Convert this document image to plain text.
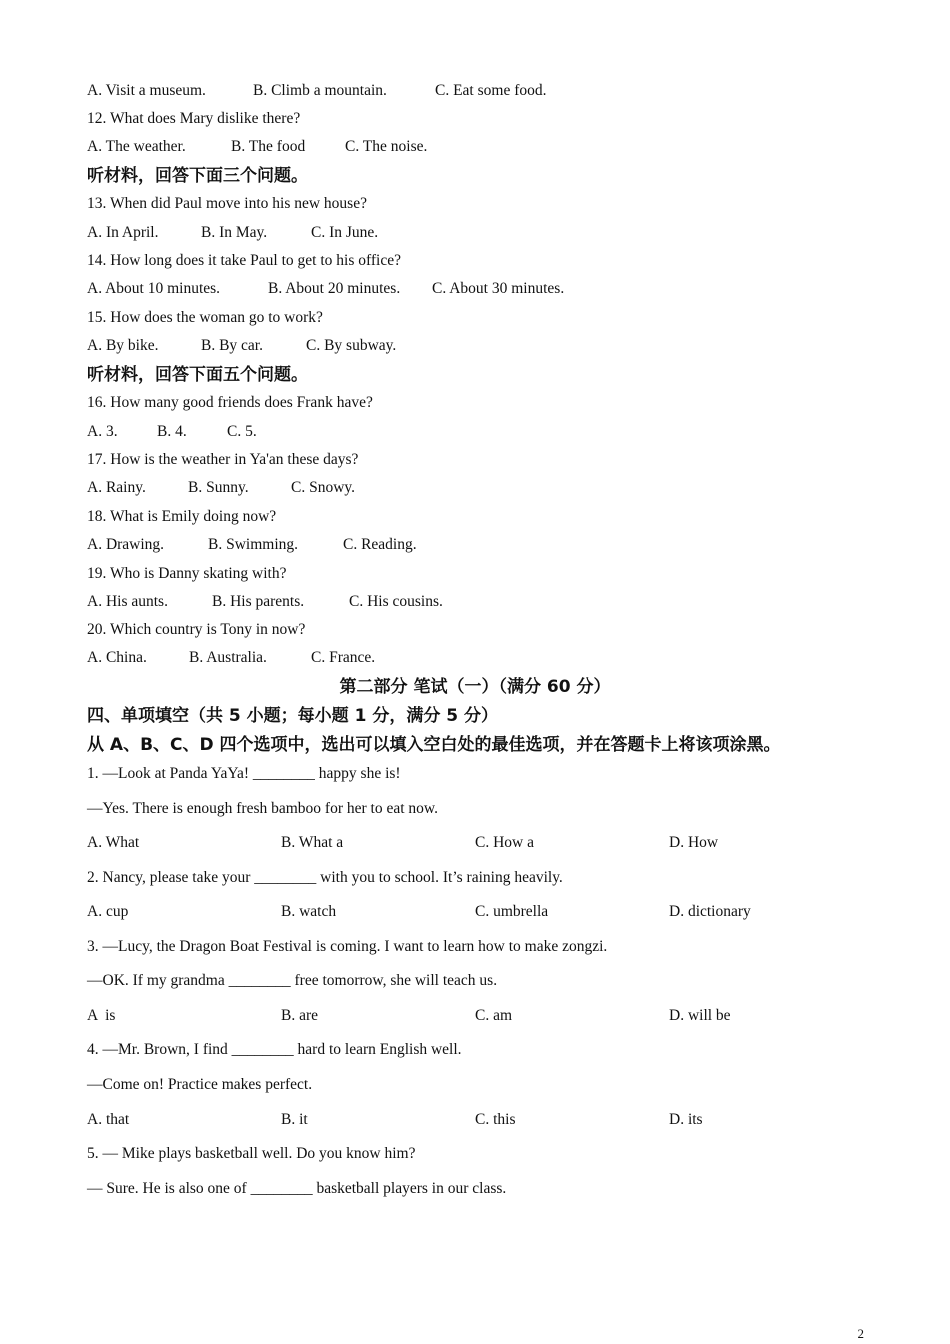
A. Visit a museum.	B. Climb a mountain.	C. Eat some food.
12. What does Mary dislike there?
A. The weather.	B. The food	C. The noise.
听材料，回答下面三个问题。
13. When did Paul move into his new house?
A. In April.	B. In May.	C. In June.
14. How long does it take Paul to get to his office?
A. About 10 minutes.	B. About 20 minutes. C. About 30 minutes.
15. How does the woman go to work?
A. By bike.	B. By car.	C. By subway.
听材料，回答下面五个问题。
16. How many good friends does Frank have?
A. 3.	B. 4.	C. 5.
17. How is the weather in Ya'an these days?
A. Rainy.	B. Sunny.	C. Snowy.
18. What is Emily doing now?
A. Drawing.	B. Swimming.	C. Reading.
19. Who is Danny skating with?
A. His aunts.	B. His parents.	C. His cousins.
20. Which country is Tony in now?
A. China.	B. Australia.	C. France.
第二部分 笔试（一）（满分 60 分）
四、单项填空（共 5 小题；每小题 1 分，满分 5 分）
从 A、B、C、D 四个选项中，选出可以填入空白处的最佳选项，并在答题卡上将该项涂黑。
1. —Look at Panda YaYa! ________ happy she is!
—Yes. There is enough fresh bamboo for her to eat now.
A. What	B. What a	C. How a	D. How
2. Nancy, please take your ________ with you to school. It’s raining heavily.
A. cup	B. watch	C. umbrella	D. dictionary
3. —Lucy, the Dragon Boat Festival is coming. I want to learn how to make zongzi.
—OK. If my grandma ________ free tomorrow, she will teach us.
A  is	B. are	C. am	D. will be
4. —Mr. Brown, I find ________ hard to learn English well.
—Come on! Practice makes perfect.
A. that	B. it	C. this	D. its
5. — Mike plays basketball well. Do you know him?
— Sure. He is also one of ________ basketball players in our class.
2
